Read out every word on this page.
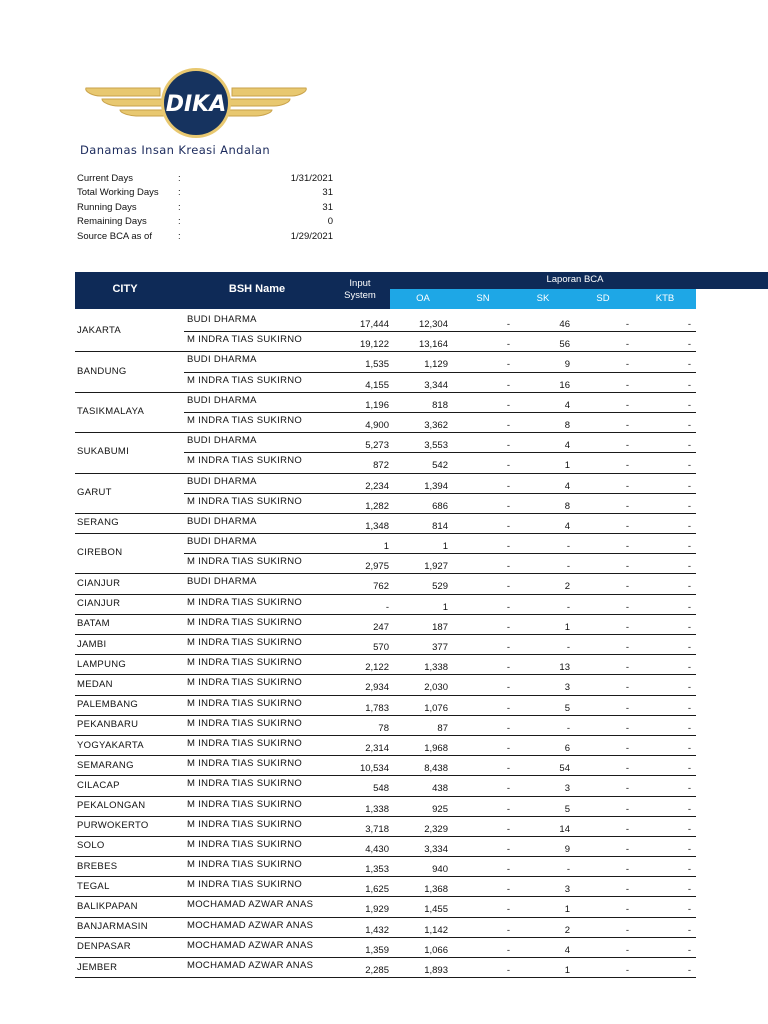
DIKA
Danamas Insan Kreasi Andalan
Current Days	:	1/31/2021
Total Working Days :	31
Running Days	:	31
Remaining Days	:	0
Source BCA as of	:	1/29/2021
CITY	BSH Name	Input
System
Laporan BCA
OA	SN	SK	SD	KTB
JAKARTA
BUDI DHARMA	17,444	12,304	-	46	-	-
M INDRA TIAS SUKIRNO	19,122	13,164	-	56	-	-
BANDUNG
BUDI DHARMA	1,535	1,129	-	9	-	-
M INDRA TIAS SUKIRNO	4,155	3,344	-	16	-	-
TASIKMALAYA
BUDI DHARMA	1,196	818	-	4	-	-
M INDRA TIAS SUKIRNO	4,900	3,362	-	8	-	-
SUKABUMI
BUDI DHARMA	5,273	3,553	-	4	-	-
M INDRA TIAS SUKIRNO	872	542	-	1	-	-
GARUT
BUDI DHARMA	2,234	1,394	-	4	-	-
M INDRA TIAS SUKIRNO	1,282	686	-	8	-	-
SERANG	BUDI DHARMA	1,348	814	-	4	-	-
CIREBON
BUDI DHARMA	1	1	-	-	-	-
M INDRA TIAS SUKIRNO	2,975	1,927	-	-	-	-
CIANJUR	BUDI DHARMA	762	529	-	2	-	-
CIANJUR	M INDRA TIAS SUKIRNO	-	1	-	-	-	-
BATAM	M INDRA TIAS SUKIRNO	247	187	-	1	-	-
JAMBI	M INDRA TIAS SUKIRNO	570	377	-	-	-	-
LAMPUNG	M INDRA TIAS SUKIRNO	2,122	1,338	-	13	-	-
MEDAN	M INDRA TIAS SUKIRNO	2,934	2,030	-	3	-	-
PALEMBANG	M INDRA TIAS SUKIRNO	1,783	1,076	-	5	-	-
PEKANBARU	M INDRA TIAS SUKIRNO	78	87	-	-	-	-
YOGYAKARTA	M INDRA TIAS SUKIRNO	2,314	1,968	-	6	-	-
SEMARANG	M INDRA TIAS SUKIRNO	10,534	8,438	-	54	-	-
CILACAP	M INDRA TIAS SUKIRNO	548	438	-	3	-	-
PEKALONGAN	M INDRA TIAS SUKIRNO	1,338	925	-	5	-	-
PURWOKERTO	M INDRA TIAS SUKIRNO	3,718	2,329	-	14	-	-
SOLO	M INDRA TIAS SUKIRNO	4,430	3,334	-	9	-	-
BREBES	M INDRA TIAS SUKIRNO	1,353	940	-	-	-	-
TEGAL	M INDRA TIAS SUKIRNO	1,625	1,368	-	3	-	-
BALIKPAPAN	MOCHAMAD AZWAR ANAS	1,929	1,455	-	1	-	-
BANJARMASIN	MOCHAMAD AZWAR ANAS	1,432	1,142	-	2	-	-
DENPASAR	MOCHAMAD AZWAR ANAS	1,359	1,066	-	4	-	-
JEMBER	MOCHAMAD AZWAR ANAS	2,285	1,893	-	1	-	-
